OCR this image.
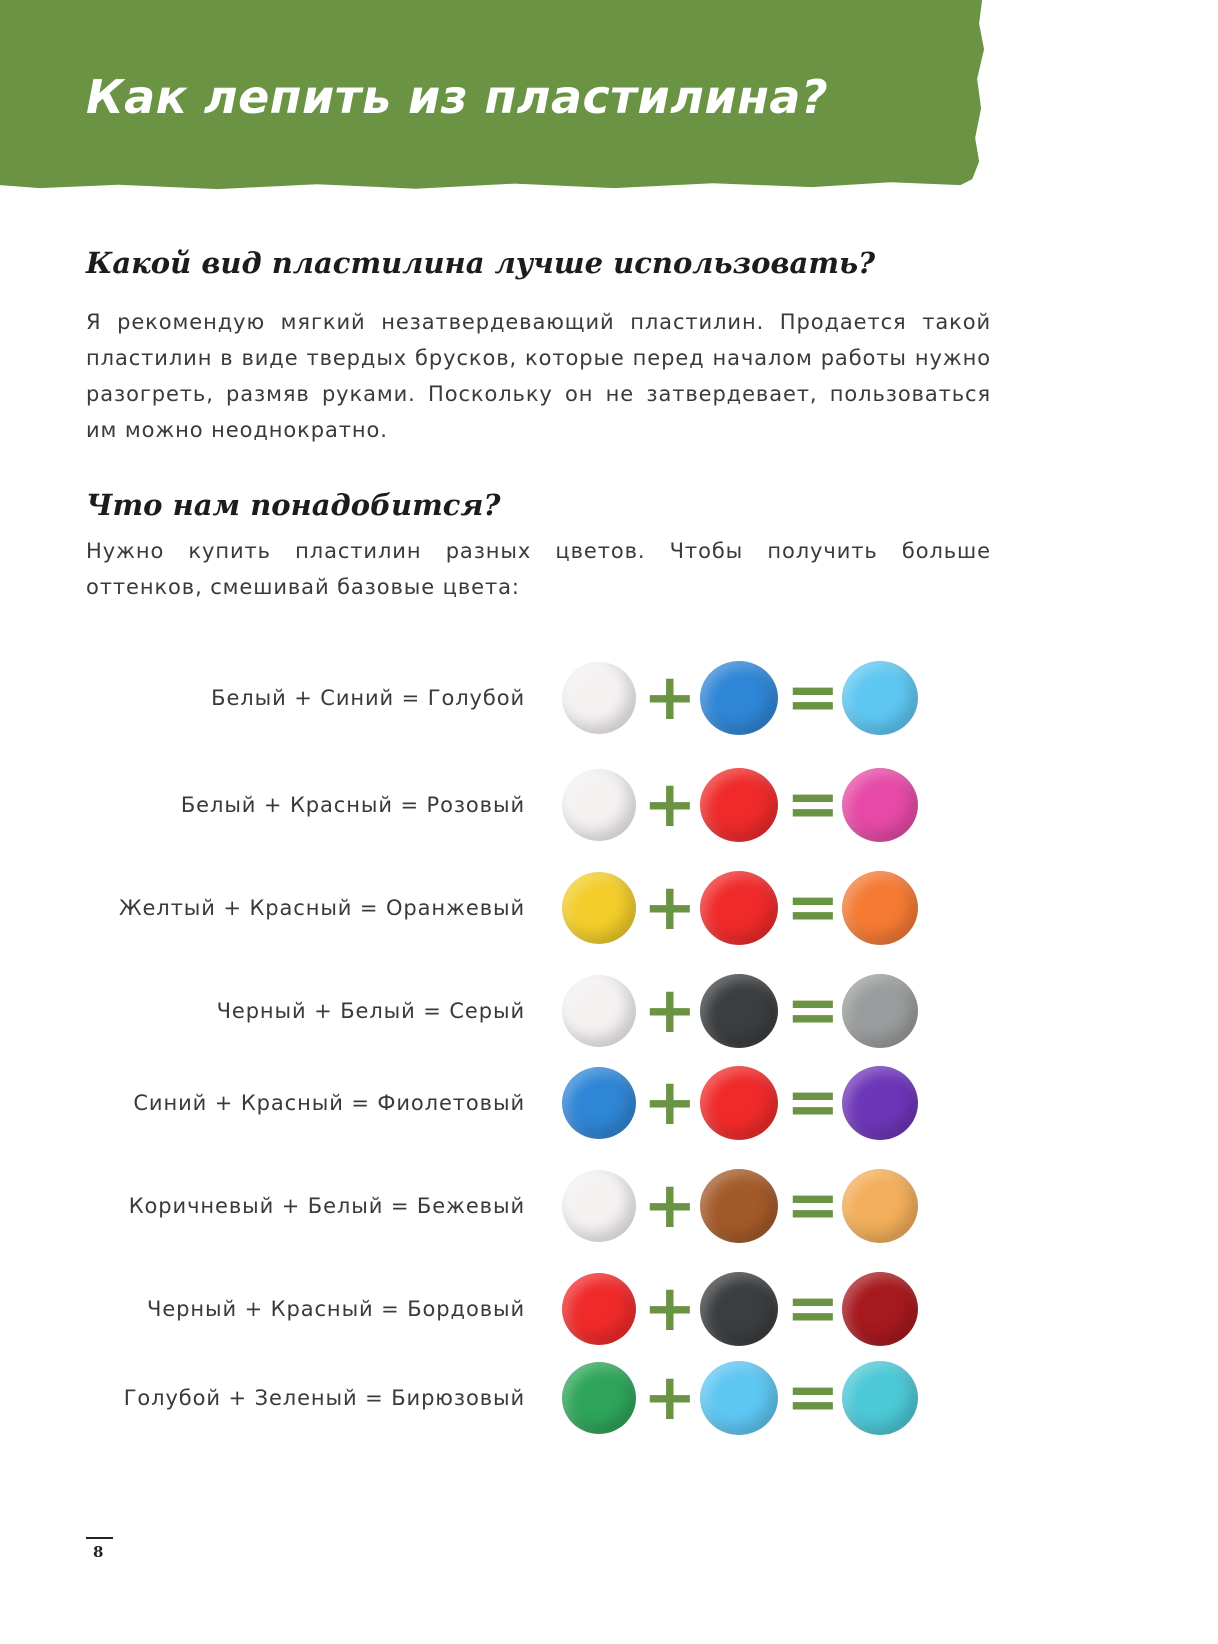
Как лепить из пластилина?
Какой вид пластилина лучше использовать?

Я рекомендую мягкий незатвердевающий пластилин. Продается такой пластилин в виде твердых брусков, которые перед началом работы нужно разогреть, размяв руками. Поскольку он не затвердевает, пользоваться им можно неоднократно.

Что нам понадобится?

Нужно купить пластилин разных цветов. Чтобы получить больше оттенков, смешивай базовые цвета:

Белый + Синий = Голубой + =
Белый + Красный = Розовый + =
Желтый + Красный = Оранжевый + =
Черный + Белый = Серый + =
Синий + Красный = Фиолетовый + =
Коричневый + Белый = Бежевый + =
Черный + Красный = Бордовый + =
Голубой + Зеленый = Бирюзовый + =
8
